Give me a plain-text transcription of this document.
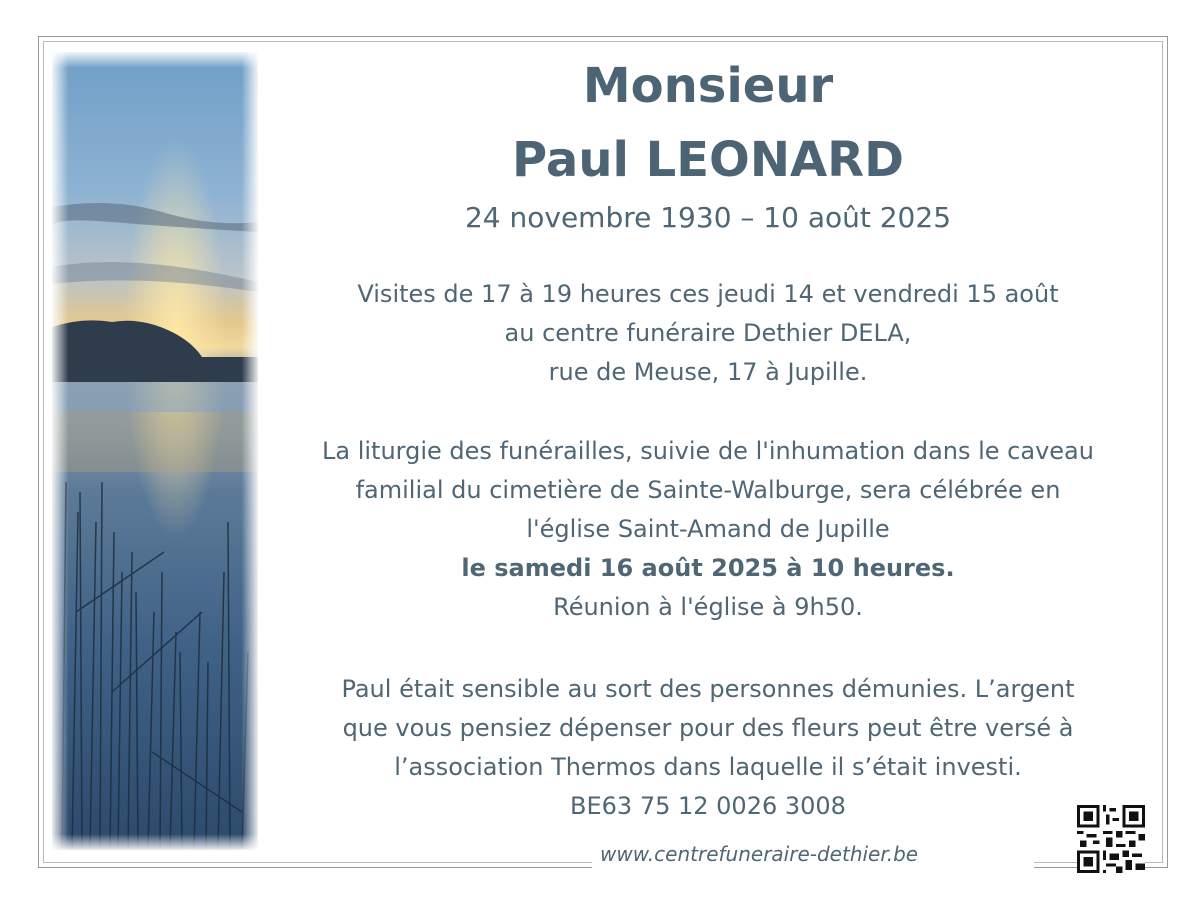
Monsieur
Paul LEONARD
24 novembre 1930 – 10 août 2025
Visites de 17 à 19 heures ces jeudi 14 et vendredi 15 août
au centre funéraire Dethier DELA,
rue de Meuse, 17 à Jupille.
La liturgie des funérailles, suivie de l'inhumation dans le caveau
familial du cimetière de Sainte-Walburge, sera célébrée en
l'église Saint-Amand de Jupille
le samedi 16 août 2025 à 10 heures.
Réunion à l'église à 9h50.
Paul était sensible au sort des personnes démunies. L’argent
que vous pensiez dépenser pour des fleurs peut être versé à
l’association Thermos dans laquelle il s’était investi.
BE63 75 12 0026 3008
www.centrefuneraire-dethier.be
